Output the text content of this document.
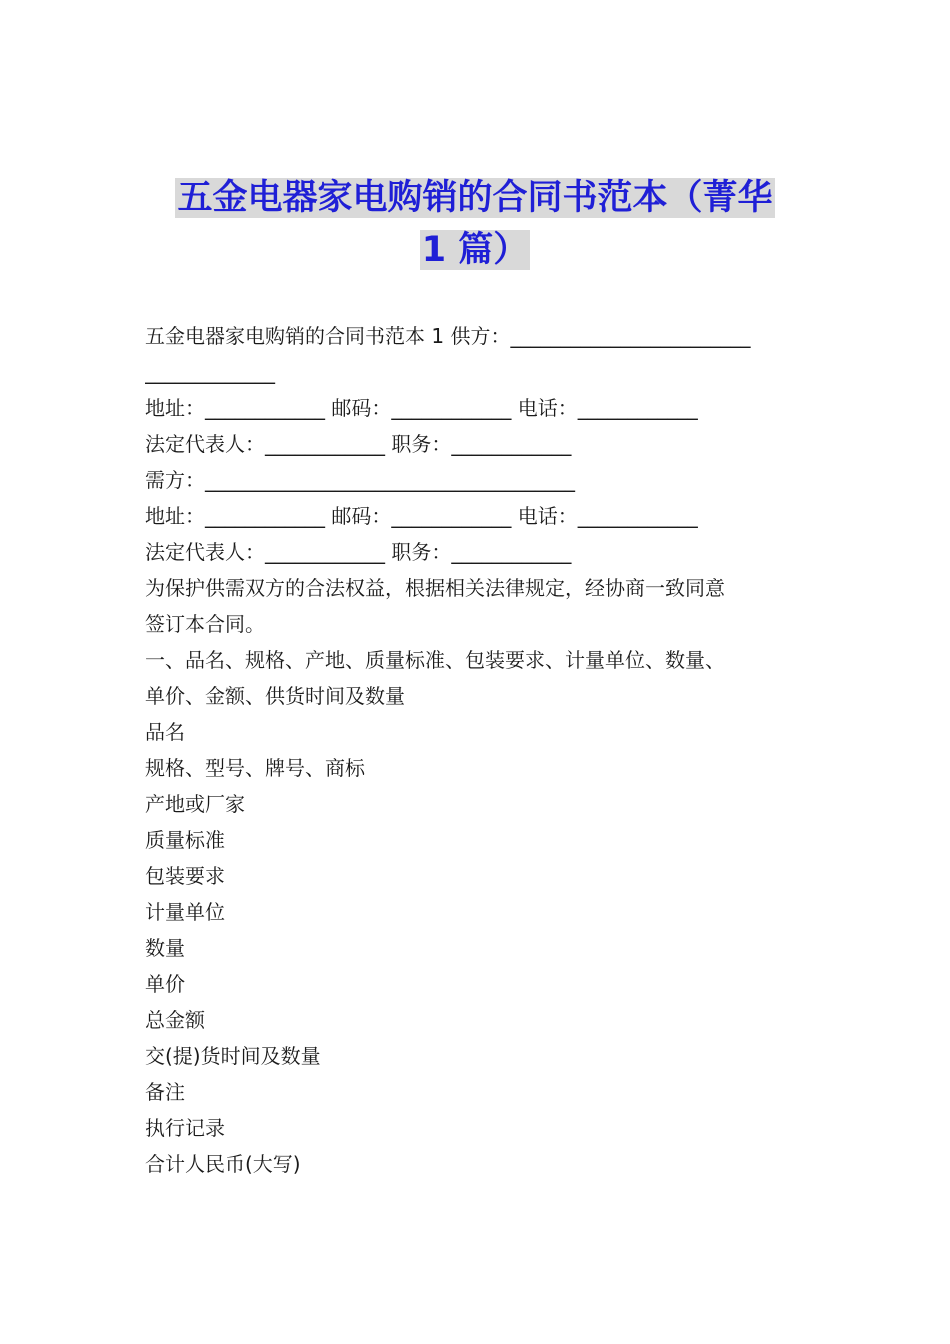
五金电器家电购销的合同书范本（菁华
1 篇）
五金电器家电购销的合同书范本 1 供方：________________________
_____________
地址：____________ 邮码：____________ 电话：____________
法定代表人：____________ 职务：____________
需方：_____________________________________
地址：____________ 邮码：____________ 电话：____________
法定代表人：____________ 职务：____________
为保护供需双方的合法权益，根据相关法律规定，经协商一致同意
签订本合同。
一、品名、规格、产地、质量标准、包装要求、计量单位、数量、
单价、金额、供货时间及数量
品名
规格、型号、牌号、商标
产地或厂家
质量标准
包装要求
计量单位
数量
单价
总金额
交(提)货时间及数量
备注
执行记录
合计人民币(大写)
